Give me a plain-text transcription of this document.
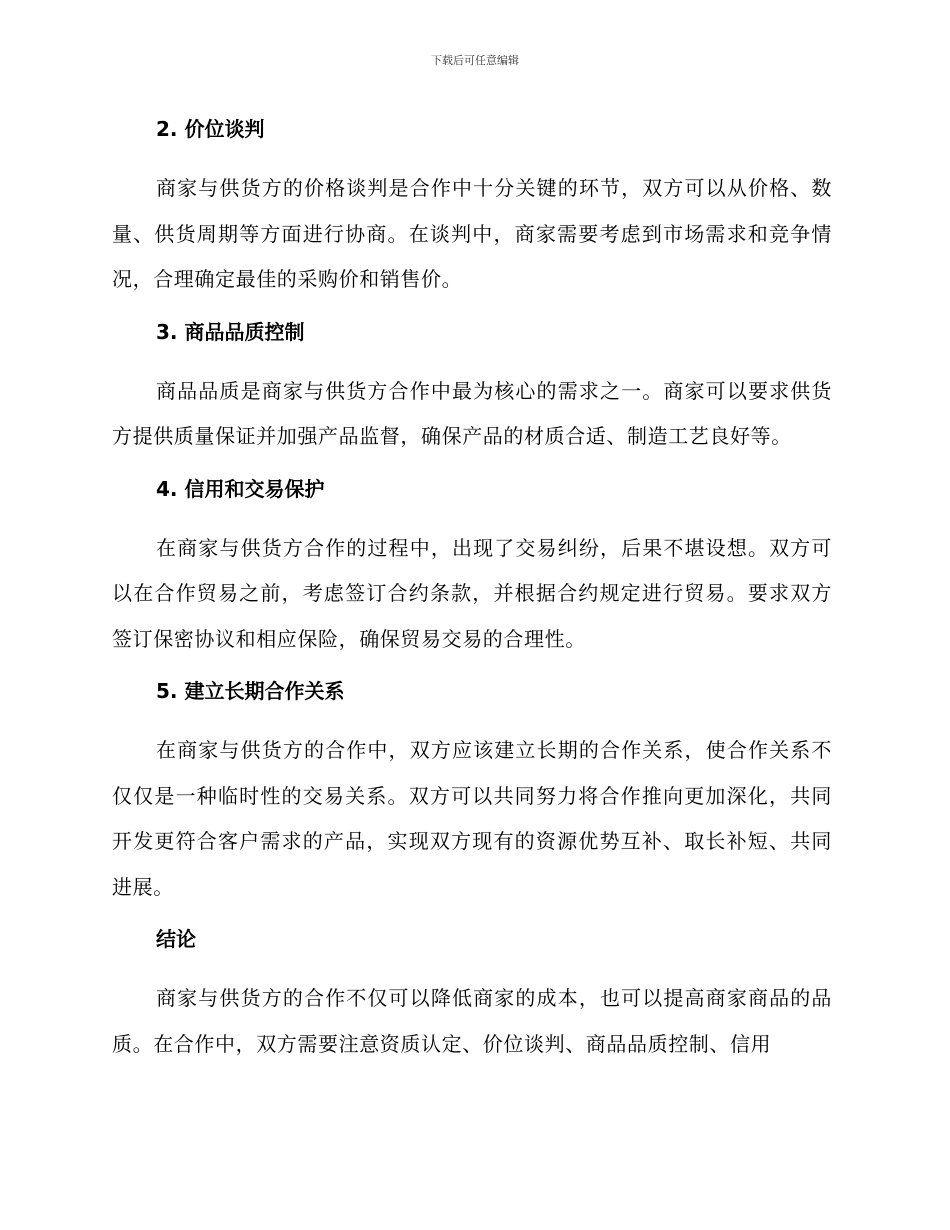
下载后可任意编辑
2. 价位谈判

商家与供货方的价格谈判是合作中十分关键的环节，双方可以从价格、数量、供货周期等方面进行协商。在谈判中，商家需要考虑到市场需求和竞争情况，合理确定最佳的采购价和销售价。

3. 商品品质控制

商品品质是商家与供货方合作中最为核心的需求之一。商家可以要求供货方提供质量保证并加强产品监督，确保产品的材质合适、制造工艺良好等。

4. 信用和交易保护

在商家与供货方合作的过程中，出现了交易纠纷，后果不堪设想。双方可以在合作贸易之前，考虑签订合约条款，并根据合约规定进行贸易。要求双方签订保密协议和相应保险，确保贸易交易的合理性。

5. 建立长期合作关系

在商家与供货方的合作中，双方应该建立长期的合作关系，使合作关系不仅仅是一种临时性的交易关系。双方可以共同努力将合作推向更加深化，共同开发更符合客户需求的产品，实现双方现有的资源优势互补、取长补短、共同进展。

结论

商家与供货方的合作不仅可以降低商家的成本，也可以提高商家商品的品质。在合作中，双方需要注意资质认定、价位谈判、商品品质控制、信用
